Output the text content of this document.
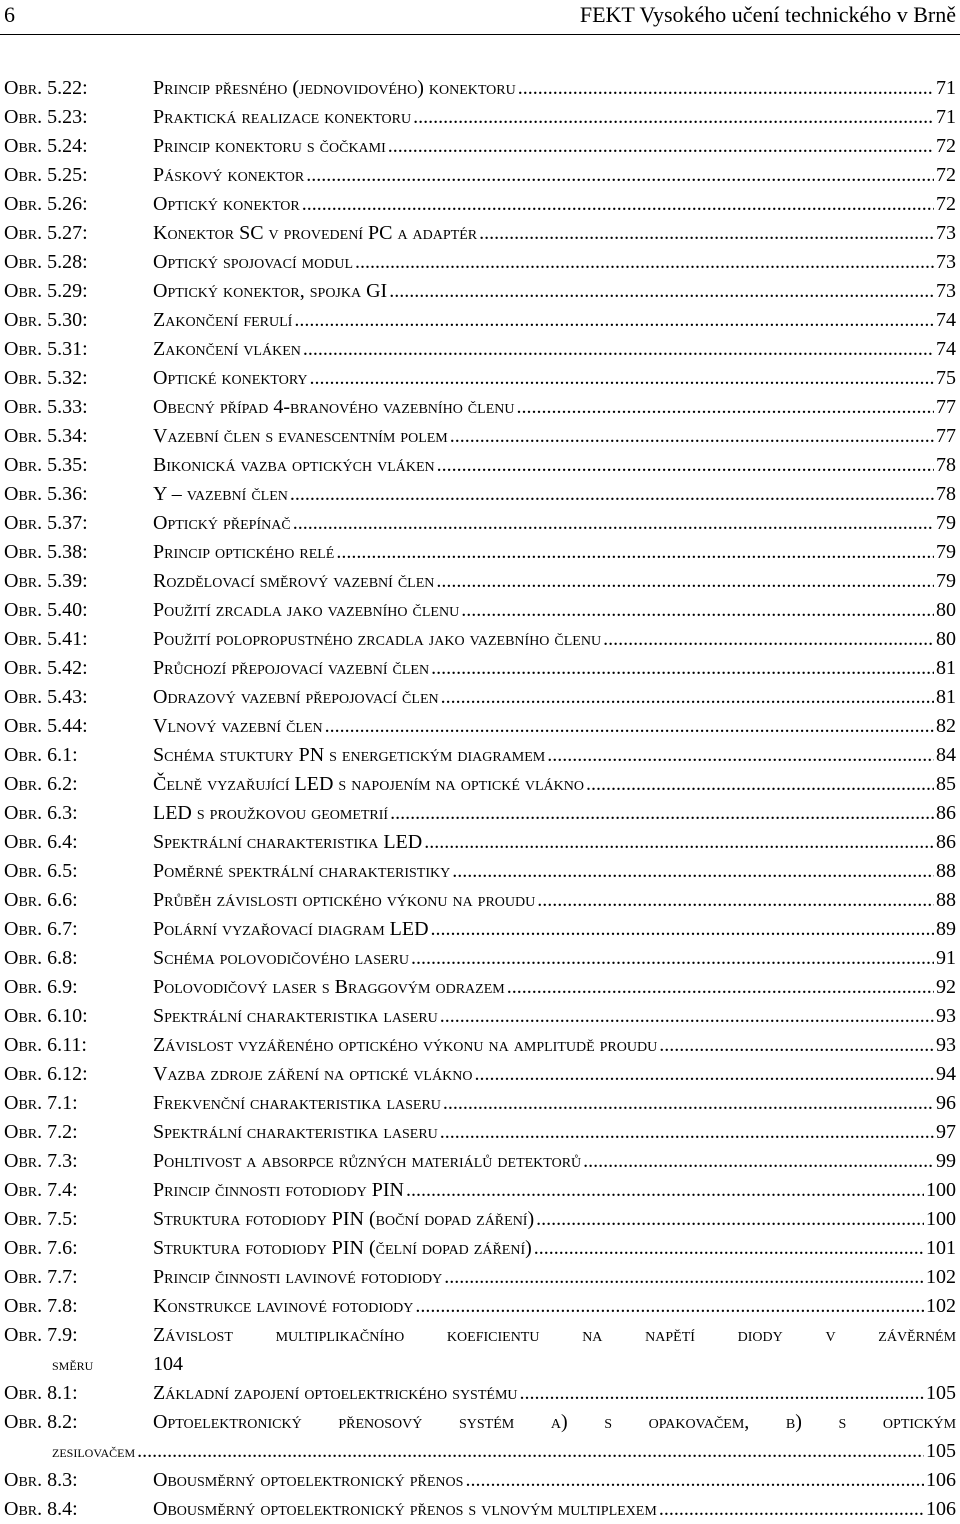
6	FEKT Vysokého učení technického v Brně
Obr. 5.22:	Princip přesného (jednovidového) konektoru .....	71
Obr. 5.23:	Praktická realizace konektoru .....	71
Obr. 5.24:	Princip konektoru s čočkami .....	72
Obr. 5.25:	Páskový konektor .....	72
Obr. 5.26:	Optický konektor .....	72
Obr. 5.27:	Konektor SC v provedení PC a adaptér .....	73
Obr. 5.28:	Optický spojovací modul .....	73
Obr. 5.29:	Optický konektor, spojka GI .....	73
Obr. 5.30:	Zakončení ferulí .....	74
Obr. 5.31:	Zakončení vláken .....	74
Obr. 5.32:	Optické konektory .....	75
Obr. 5.33:	Obecný případ 4-branového vazebního členu .....	77
Obr. 5.34:	Vazební člen s evanescentním polem .....	77
Obr. 5.35:	Bikonická vazba optických vláken .....	78
Obr. 5.36:	Y – vazební člen .....	78
Obr. 5.37:	Optický přepínač .....	79
Obr. 5.38:	Princip optického relé .....	79
Obr. 5.39:	Rozdělovací směrový vazební člen .....	79
Obr. 5.40:	Použití zrcadla jako vazebního členu .....	80
Obr. 5.41:	Použití polopropustného zrcadla jako vazebního členu .....	80
Obr. 5.42:	Průchozí přepojovací vazební člen .....	81
Obr. 5.43:	Odrazový vazební přepojovací člen .....	81
Obr. 5.44:	Vlnový vazební člen .....	82
Obr. 6.1:	Schéma stuktury PN s energetickým diagramem .....	84
Obr. 6.2:	Čelně vyzařující LED s napojením na optické vlákno .....	85
Obr. 6.3:	LED s proužkovou geometrií .....	86
Obr. 6.4:	Spektrální charakteristika LED .....	86
Obr. 6.5:	Poměrné spektrální charakteristiky .....	88
Obr. 6.6:	Průběh závislosti optického výkonu na proudu .....	88
Obr. 6.7:	Polární vyzařovací diagram LED .....	89
Obr. 6.8:	Schéma polovodičového laseru .....	91
Obr. 6.9:	Polovodičový laser s Braggovým odrazem .....	92
Obr. 6.10:	Spektrální charakteristika laseru .....	93
Obr. 6.11:	Závislost vyzářeného optického výkonu na amplitudě proudu .....	93
Obr. 6.12:	Vazba zdroje záření na optické vlákno .....	94
Obr. 7.1:	Frekvenční charakteristika laseru .....	96
Obr. 7.2:	Spektrální charakteristika laseru .....	97
Obr. 7.3:	Pohltivost a absorpce různých materiálů detektorů .....	99
Obr. 7.4:	Princip činnosti fotodiody PIN .....	100
Obr. 7.5:	Struktura fotodiody PIN (boční dopad záření) .....	100
Obr. 7.6:	Struktura fotodiody PIN (čelní dopad záření) .....	101
Obr. 7.7:	Princip činnosti lavinové fotodiody .....	102
Obr. 7.8:	Konstrukce lavinové fotodiody .....	102
Obr. 7.9:	Závislost multiplikačního koeficientu na napětí diody v závěrném
směru	104
Obr. 8.1:	Základní zapojení optoelektrického systému .....	105
Obr. 8.2:	Optoelektronický přenosový systém a) s opakovačem, b) s optickým
zesilovačem .....	105
Obr. 8.3:	Obousměrný optoelektronický přenos .....	106
Obr. 8.4:	Obousměrný optoelektronický přenos s vlnovým multiplexem .....	106
